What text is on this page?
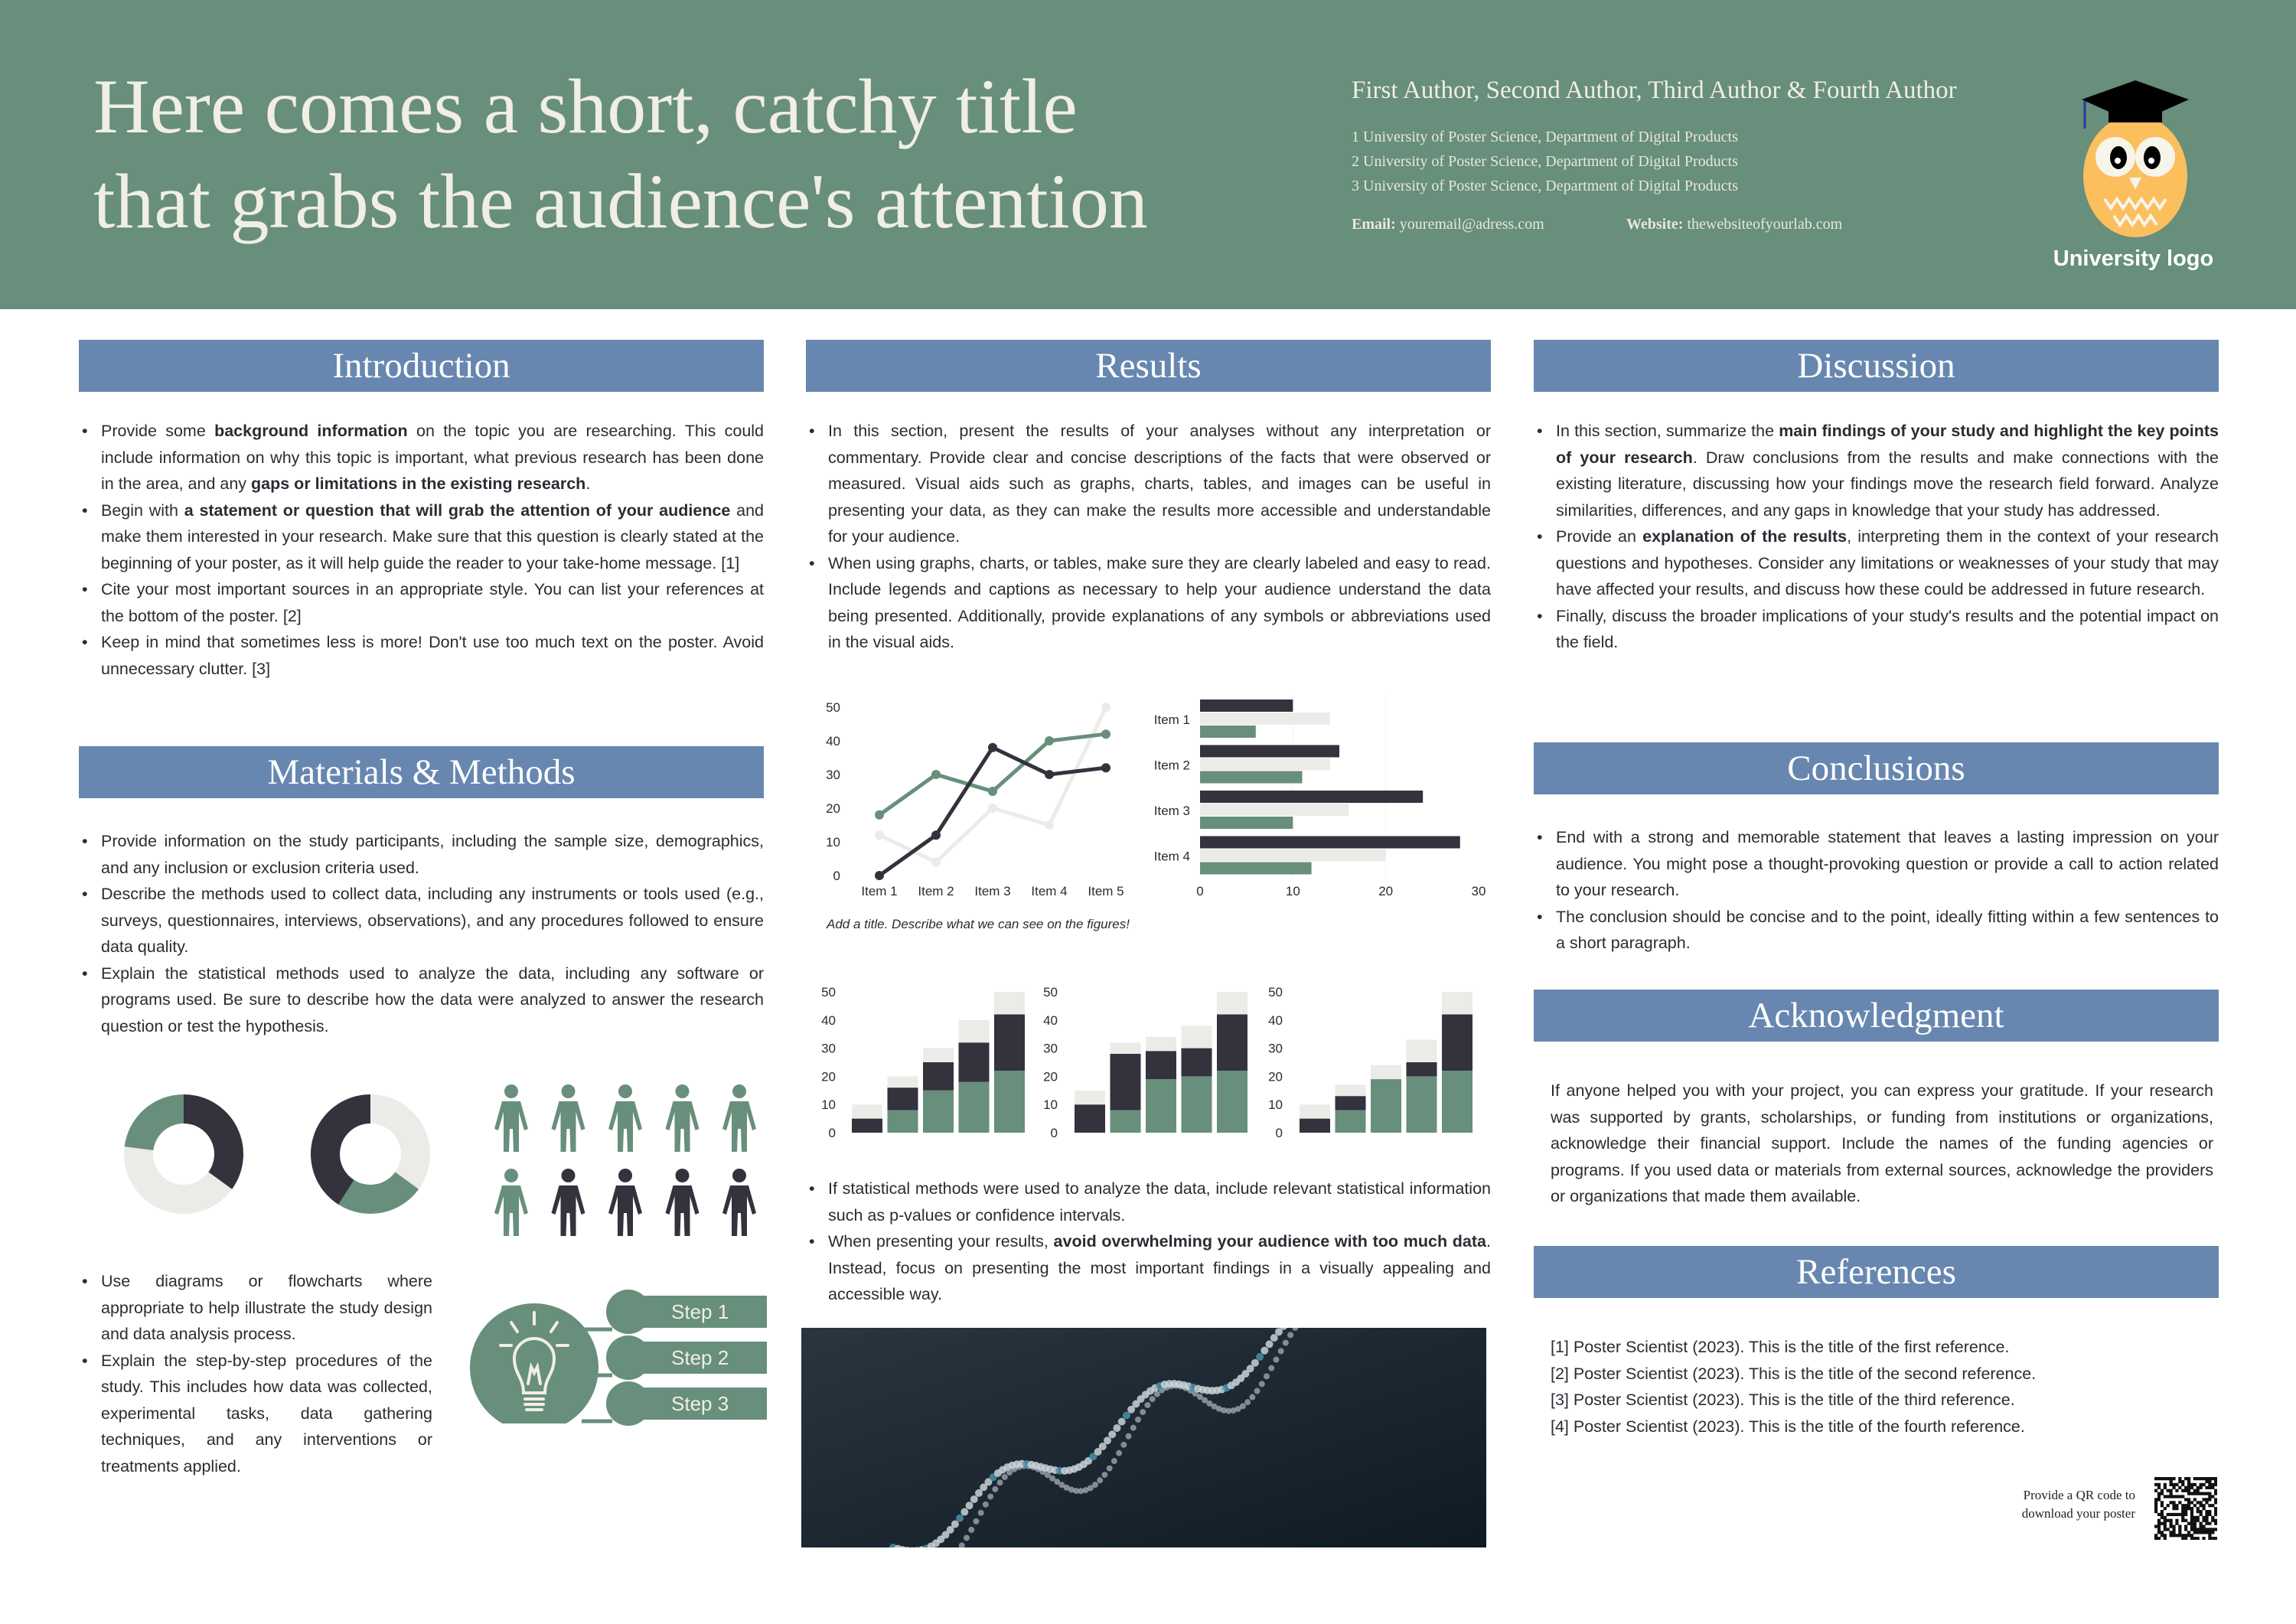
Here comes a short, catchy title
that grabs the audience's attention
First Author, Second Author, Third Author & Fourth Author
1 University of Poster Science, Department of Digital Products
2 University of Poster Science, Department of Digital Products
3 University of Poster Science, Department of Digital Products
Email: youremail@adress.com	Website: thewebsiteofyourlab.com
University logo
Introduction
• Provide some background information on the topic you are researching. This could include information on why this topic is important, what previous research has been done in the area, and any gaps or limitations in the existing research.
• Begin with a statement or question that will grab the attention of your audience and make them interested in your research. Make sure that this question is clearly stated at the beginning of your poster, as it will help guide the reader to your take-home message. [1]
• Cite your most important sources in an appropriate style. You can list your references at the bottom of the poster. [2]
• Keep in mind that sometimes less is more! Don't use too much text on the poster. Avoid unnecessary clutter. [3]
Materials & Methods
• Provide information on the study participants, including the sample size, demographics, and any inclusion or exclusion criteria used.
• Describe the methods used to collect data, including any instruments or tools used (e.g., surveys, questionnaires, interviews, observations), and any procedures followed to ensure data quality.
• Explain the statistical methods used to analyze the data, including any software or programs used. Be sure to describe how the data were analyzed to answer the research question or test the hypothesis.
• Use diagrams or flowcharts where appropriate to help illustrate the study design and data analysis process.
• Explain the step-by-step procedures of the study. This includes how data was collected, experimental tasks, data gathering techniques, and any interventions or treatments applied.
Step 1
Step 2
Step 3
Results
• In this section, present the results of your analyses without any interpretation or commentary. Provide clear and concise descriptions of the facts that were observed or measured. Visual aids such as graphs, charts, tables, and images can be useful in presenting your data, as they can make the results more accessible and understandable for your audience.
• When using graphs, charts, or tables, make sure they are clearly labeled and easy to read. Include legends and captions as necessary to help your audience understand the data being presented. Additionally, provide explanations of any symbols or abbreviations used in the visual aids.
0
10
20
30
40
50
Item 1 Item 2 Item 3 Item 4 Item 5
Item 1
Item 2
Item 3
Item 4
0	10	20	30
Add a title. Describe what we can see on the figures!
0
10
20
30
40
50
0
10
20
30
40
50
0
10
20
30
40
50
• If statistical methods were used to analyze the data, include relevant statistical information such as p-values or confidence intervals.
• When presenting your results, avoid overwhelming your audience with too much data. Instead, focus on presenting the most important findings in a visually appealing and accessible way.
Discussion
• In this section, summarize the main findings of your study and highlight the key points of your research. Draw conclusions from the results and make connections with the existing literature, discussing how your findings move the research field forward. Analyze similarities, differences, and any gaps in knowledge that your study has addressed.
• Provide an explanation of the results, interpreting them in the context of your research questions and hypotheses. Consider any limitations or weaknesses of your study that may have affected your results, and discuss how these could be addressed in future research.
• Finally, discuss the broader implications of your study's results and the potential impact on the field.
Conclusions
• End with a strong and memorable statement that leaves a lasting impression on your audience. You might pose a thought-provoking question or provide a call to action related to your research.
• The conclusion should be concise and to the point, ideally fitting within a few sentences to a short paragraph.
Acknowledgment
If anyone helped you with your project, you can express your gratitude. If your research was supported by grants, scholarships, or funding from institutions or organizations, acknowledge their financial support. Include the names of the funding agencies or programs. If you used data or materials from external sources, acknowledge the providers or organizations that made them available.
References
[1] Poster Scientist (2023). This is the title of the first reference.
[2] Poster Scientist (2023). This is the title of the second reference.
[3] Poster Scientist (2023). This is the title of the third reference.
[4] Poster Scientist (2023). This is the title of the fourth reference.
Provide a QR code to
download your poster
